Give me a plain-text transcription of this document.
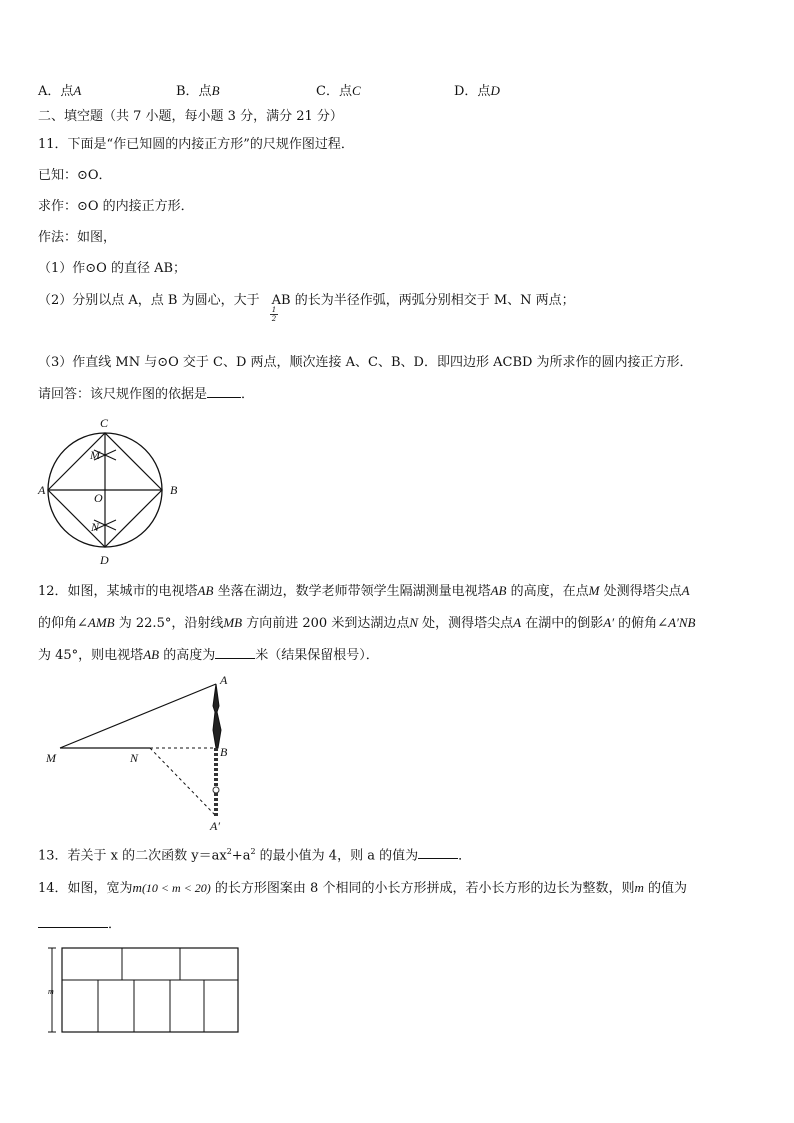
A．点A	B．点B	C．点C	D．点D
二、填空题（共 7 小题，每小题 3 分，满分 21 分）
11．下面是“作已知圆的内接正方形”的尺规作图过程．
已知：⊙O．
求作：⊙O 的内接正方形．
作法：如图，
（1）作⊙O 的直径 AB；
（2）分别以点 A，点 B 为圆心，大于 AB 的长为半径作弧，两弧分别相交于 M、N 两点；
$\frac{1}{2}$
（3）作直线 MN 与⊙O 交于 C、D 两点，顺次连接 A、C、B、D．即四边形 ACBD 为所求作的圆内接正方形．
请回答：该尺规作图的依据是	．
C
M
A
O
B
N
D
12．如图，某城市的电视塔AB 坐落在湖边，数学老师带领学生隔湖测量电视塔AB 的高度，在点M 处测得塔尖点A
的仰角∠AMB 为 22.5°，沿射线MB 方向前进 200 米到达湖边点N 处，测得塔尖点A 在湖中的倒影A′ 的俯角∠A′NB
为 45°，则电视塔AB 的高度为	米（结果保留根号）．
A
M	N	B
A′
13．若关于 x 的二次函数 $y=ax^2+a^2$ 的最小值为 4，则 a 的值为	．
14．如图，宽为m(10 < m < 20) 的长方形图案由 8 个相同的小长方形拼成，若小长方形的边长为整数，则m 的值为
．
m
